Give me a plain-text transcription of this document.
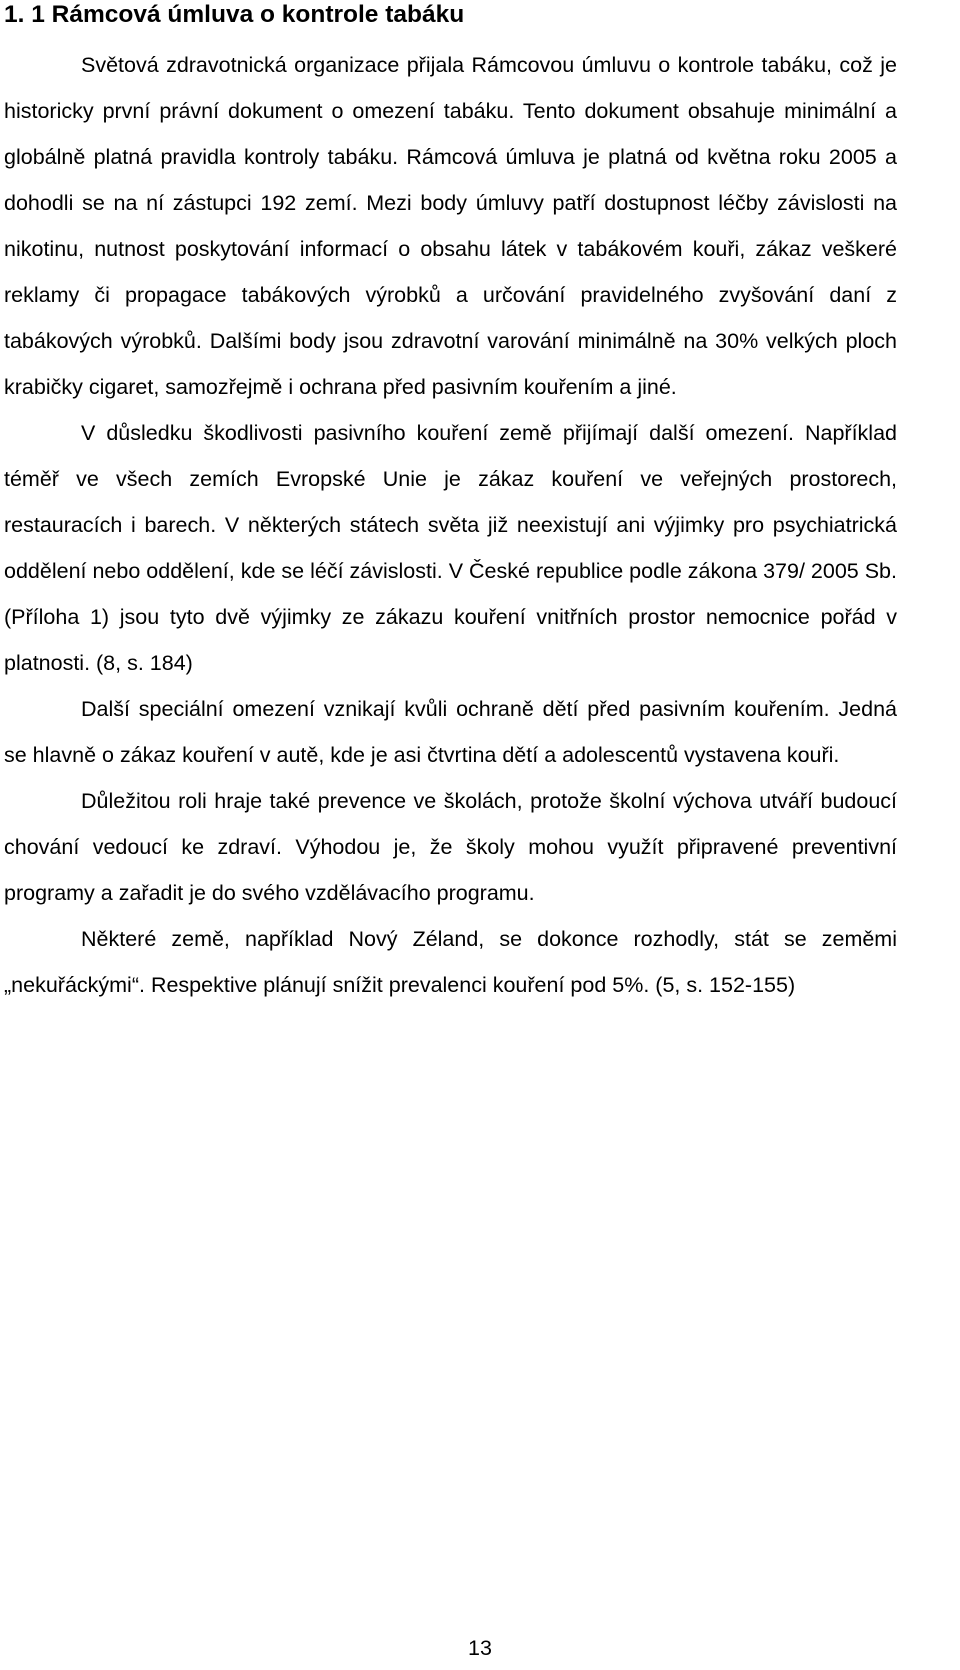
1. 1 Rámcová úmluva o kontrole tabáku

Světová zdravotnická organizace přijala Rámcovou úmluvu o kontrole tabáku, což je historicky první právní dokument o omezení tabáku. Tento dokument obsahuje minimální a globálně platná pravidla kontroly tabáku. Rámcová úmluva je platná od května roku 2005 a dohodli se na ní zástupci 192 zemí. Mezi body úmluvy patří dostupnost léčby závislosti na nikotinu, nutnost poskytování informací o obsahu látek v tabákovém kouři, zákaz veškeré reklamy či propagace tabákových výrobků a určování pravidelného zvyšování daní z tabákových výrobků. Dalšími body jsou zdravotní varování minimálně na 30% velkých ploch krabičky cigaret, samozřejmě i ochrana před pasivním kouřením a jiné.

V důsledku škodlivosti pasivního kouření země přijímají další omezení. Například téměř ve všech zemích Evropské Unie je zákaz kouření ve veřejných prostorech, restauracích i barech. V některých státech světa již neexistují ani výjimky pro psychiatrická oddělení nebo oddělení, kde se léčí závislosti. V České republice podle zákona 379/ 2005 Sb. (Příloha 1) jsou tyto dvě výjimky ze zákazu kouření vnitřních prostor nemocnice pořád v platnosti. (8, s. 184)

Další speciální omezení vznikají kvůli ochraně dětí před pasivním kouřením. Jedná se hlavně o zákaz kouření v autě, kde je asi čtvrtina dětí a adolescentů vystavena kouři.

Důležitou roli hraje také prevence ve školách, protože školní výchova utváří budoucí chování vedoucí ke zdraví. Výhodou je, že školy mohou využít připravené preventivní programy a zařadit je do svého vzdělávacího programu.

Některé země, například Nový Zéland, se dokonce rozhodly, stát se zeměmi „nekuřáckými“. Respektive plánují snížit prevalenci kouření pod 5%. (5, s. 152-155)

13
